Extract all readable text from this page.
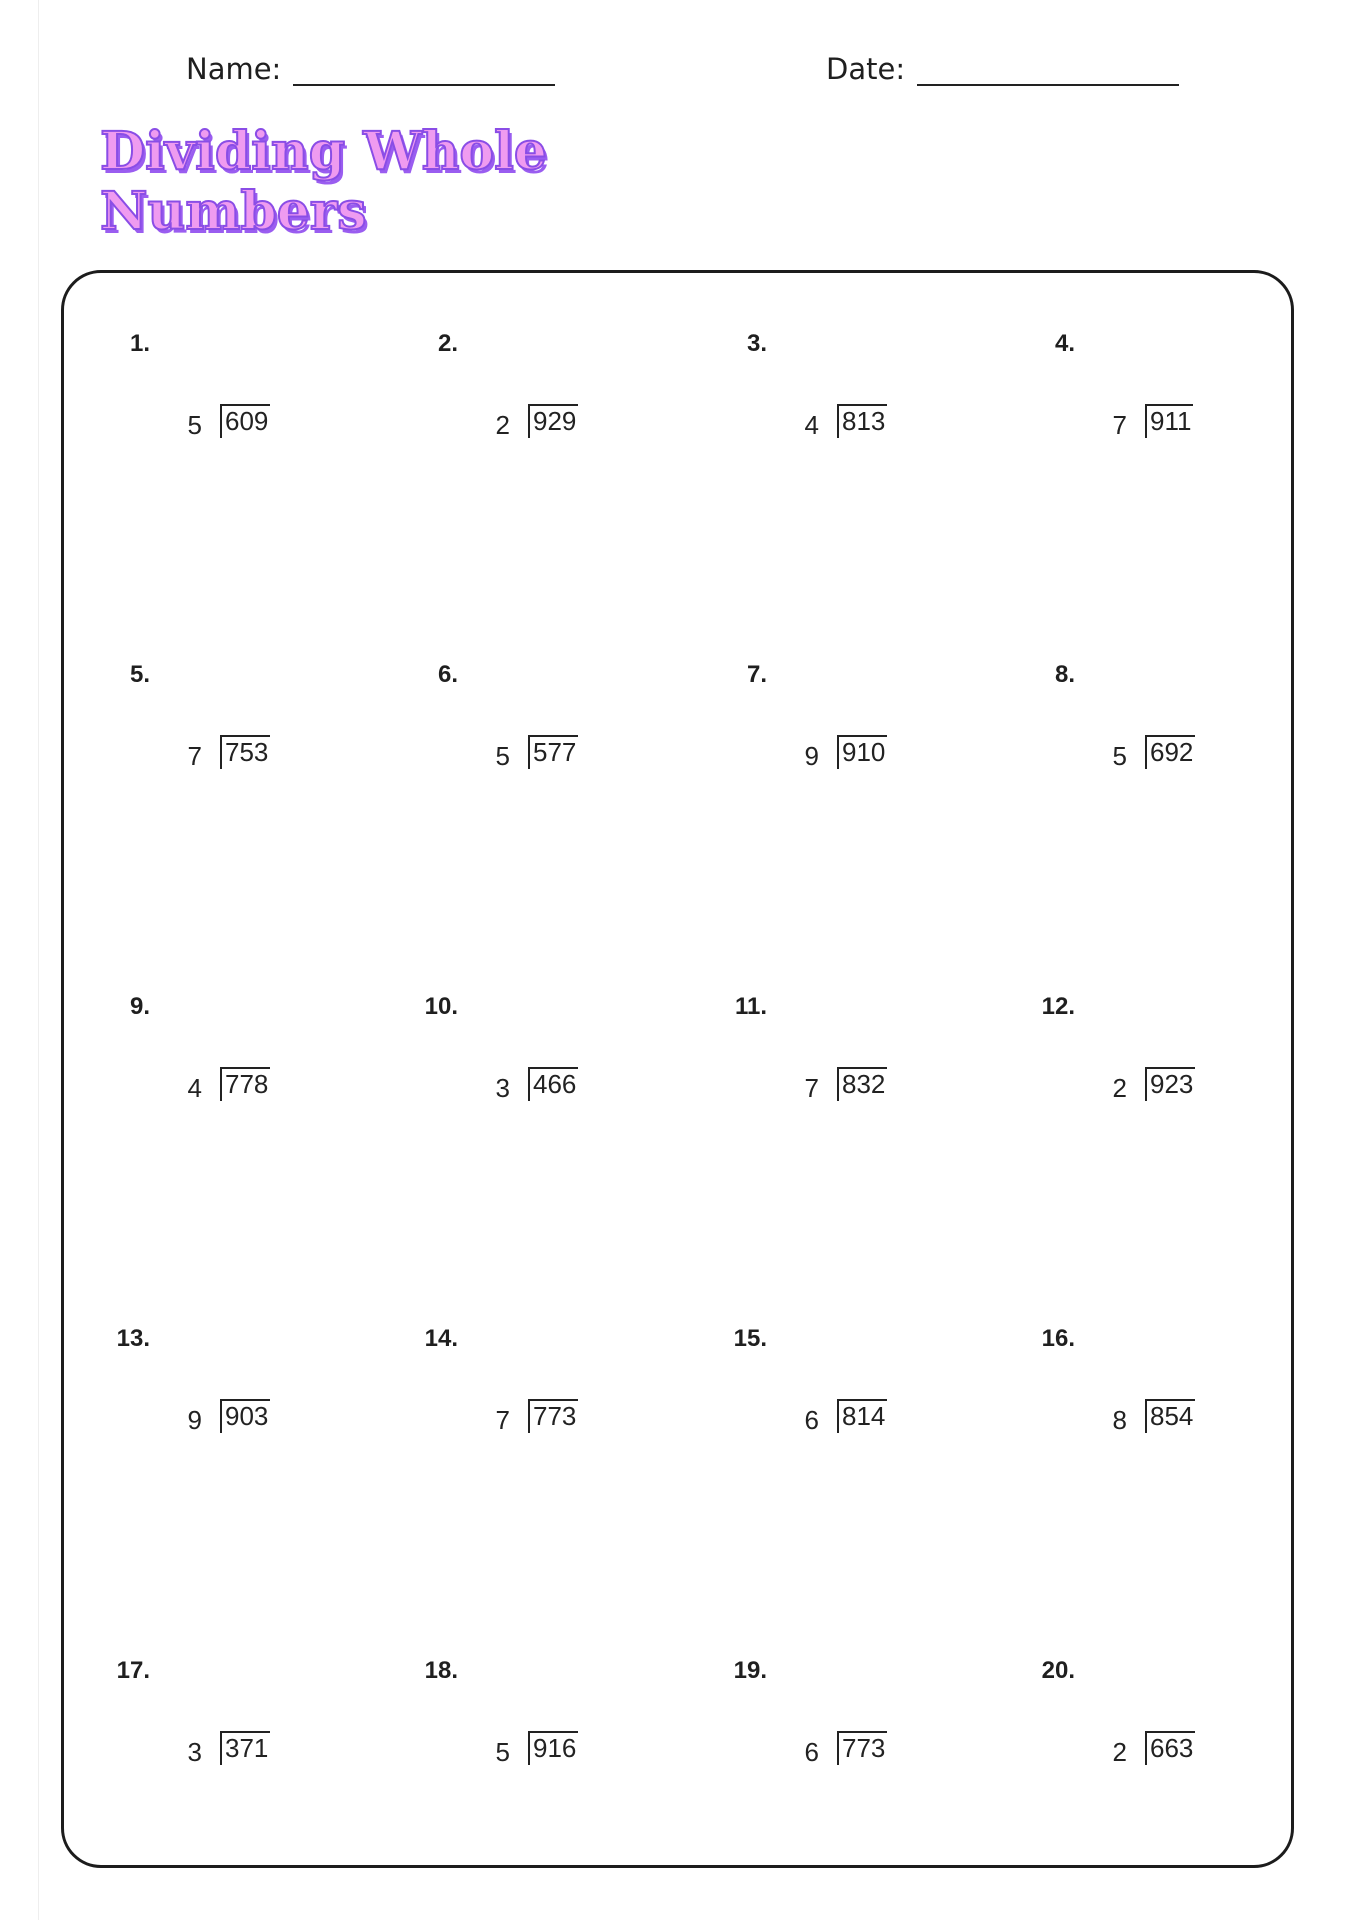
Name:	Date:
Dividing Whole
Numbers
1.
5 609
2.
2 929
3.
4 813
4.
7 911
5.
7 753
6.
5 577
7.
9 910
8.
5 692
9.
4 778
10.
3 466
11.
7 832
12.
2 923
13.
9 903
14.
7 773
15.
6 814
16.
8 854
17.
3 371
18.
5 916
19.
6 773
20.
2 663
